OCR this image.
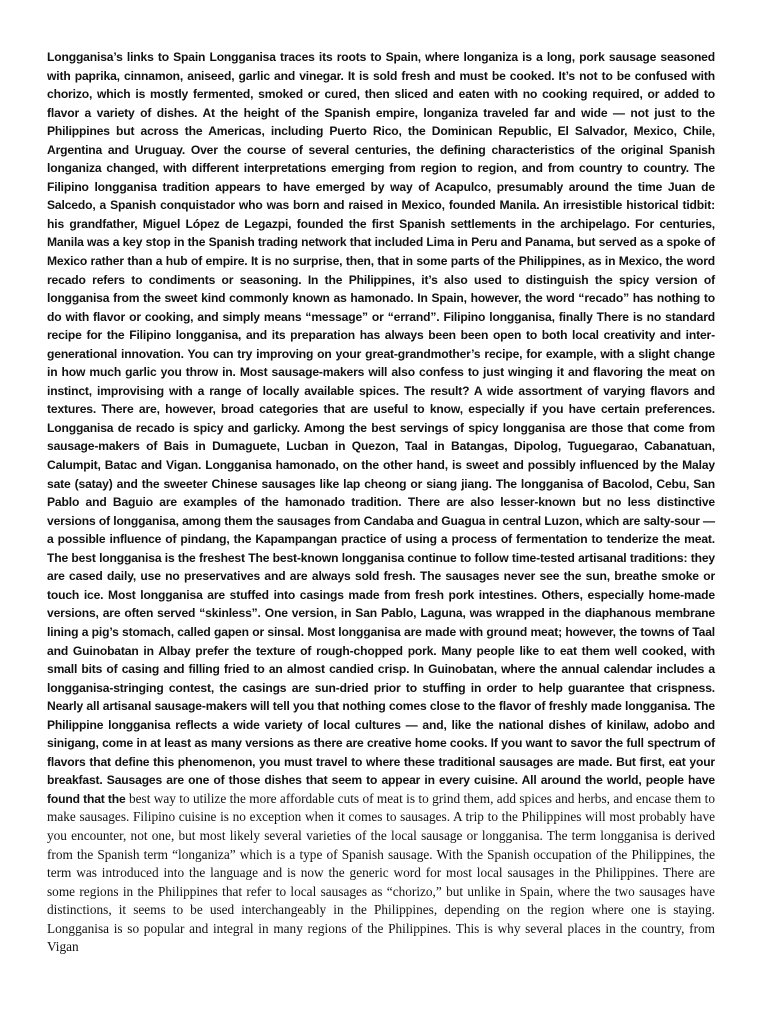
Longganisa’s links to Spain Longganisa traces its roots to Spain, where longaniza is a long, pork sausage seasoned with paprika, cinnamon, aniseed, garlic and vinegar. It is sold fresh and must be cooked. It’s not to be confused with chorizo, which is mostly fermented, smoked or cured, then sliced and eaten with no cooking required, or added to flavor a variety of dishes. At the height of the Spanish empire, longaniza traveled far and wide — not just to the Philippines but across the Americas, including Puerto Rico, the Dominican Republic, El Salvador, Mexico, Chile, Argentina and Uruguay. Over the course of several centuries, the defining characteristics of the original Spanish longaniza changed, with different interpretations emerging from region to region, and from country to country. The Filipino longganisa tradition appears to have emerged by way of Acapulco, presumably around the time Juan de Salcedo, a Spanish conquistador who was born and raised in Mexico, founded Manila. An irresistible historical tidbit: his grandfather, Miguel López de Legazpi, founded the first Spanish settlements in the archipelago. For centuries, Manila was a key stop in the Spanish trading network that included Lima in Peru and Panama, but served as a spoke of Mexico rather than a hub of empire. It is no surprise, then, that in some parts of the Philippines, as in Mexico, the word recado refers to condiments or seasoning. In the Philippines, it’s also used to distinguish the spicy version of longganisa from the sweet kind commonly known as hamonado. In Spain, however, the word “recado” has nothing to do with flavor or cooking, and simply means “message” or “errand”. Filipino longganisa, finally There is no standard recipe for the Filipino longganisa, and its preparation has always been been open to both local creativity and inter-generational innovation. You can try improving on your great-grandmother’s recipe, for example, with a slight change in how much garlic you throw in. Most sausage-makers will also confess to just winging it and flavoring the meat on instinct, improvising with a range of locally available spices. The result? A wide assortment of varying flavors and textures. There are, however, broad categories that are useful to know, especially if you have certain preferences. Longganisa de recado is spicy and garlicky. Among the best servings of spicy longganisa are those that come from sausage-makers of Bais in Dumaguete, Lucban in Quezon, Taal in Batangas, Dipolog, Tuguegarao, Cabanatuan, Calumpit, Batac and Vigan. Longganisa hamonado, on the other hand, is sweet and possibly influenced by the Malay sate (satay) and the sweeter Chinese sausages like lap cheong or siang jiang. The longganisa of Bacolod, Cebu, San Pablo and Baguio are examples of the hamonado tradition. There are also lesser-known but no less distinctive versions of longganisa, among them the sausages from Candaba and Guagua in central Luzon, which are salty-sour — a possible influence of pindang, the Kapampangan practice of using a process of fermentation to tenderize the meat. The best longganisa is the freshest The best-known longganisa continue to follow time-tested artisanal traditions: they are cased daily, use no preservatives and are always sold fresh. The sausages never see the sun, breathe smoke or touch ice. Most longganisa are stuffed into casings made from fresh pork intestines. Others, especially home-made versions, are often served “skinless”. One version, in San Pablo, Laguna, was wrapped in the diaphanous membrane lining a pig’s stomach, called gapen or sinsal. Most longganisa are made with ground meat; however, the towns of Taal and Guinobatan in Albay prefer the texture of rough-chopped pork. Many people like to eat them well cooked, with small bits of casing and filling fried to an almost candied crisp. In Guinobatan, where the annual calendar includes a longganisa-stringing contest, the casings are sun-dried prior to stuffing in order to help guarantee that crispness. Nearly all artisanal sausage-makers will tell you that nothing comes close to the flavor of freshly made longganisa. The Philippine longganisa reflects a wide variety of local cultures — and, like the national dishes of kinilaw, adobo and sinigang, come in at least as many versions as there are creative home cooks. If you want to savor the full spectrum of flavors that define this phenomenon, you must travel to where these traditional sausages are made. But first, eat your breakfast. Sausages are one of those dishes that seem to appear in every cuisine. All around the world, people have found that the best way to utilize the more affordable cuts of meat is to grind them, add spices and herbs, and encase them to make sausages. Filipino cuisine is no exception when it comes to sausages. A trip to the Philippines will most probably have you encounter, not one, but most likely several varieties of the local sausage or longganisa. The term longganisa is derived from the Spanish term “longaniza” which is a type of Spanish sausage. With the Spanish occupation of the Philippines, the term was introduced into the language and is now the generic word for most local sausages in the Philippines. There are some regions in the Philippines that refer to local sausages as “chorizo,” but unlike in Spain, where the two sausages have distinctions, it seems to be used interchangeably in the Philippines, depending on the region where one is staying. Longganisa is so popular and integral in many regions of the Philippines. This is why several places in the country, from Vigan
